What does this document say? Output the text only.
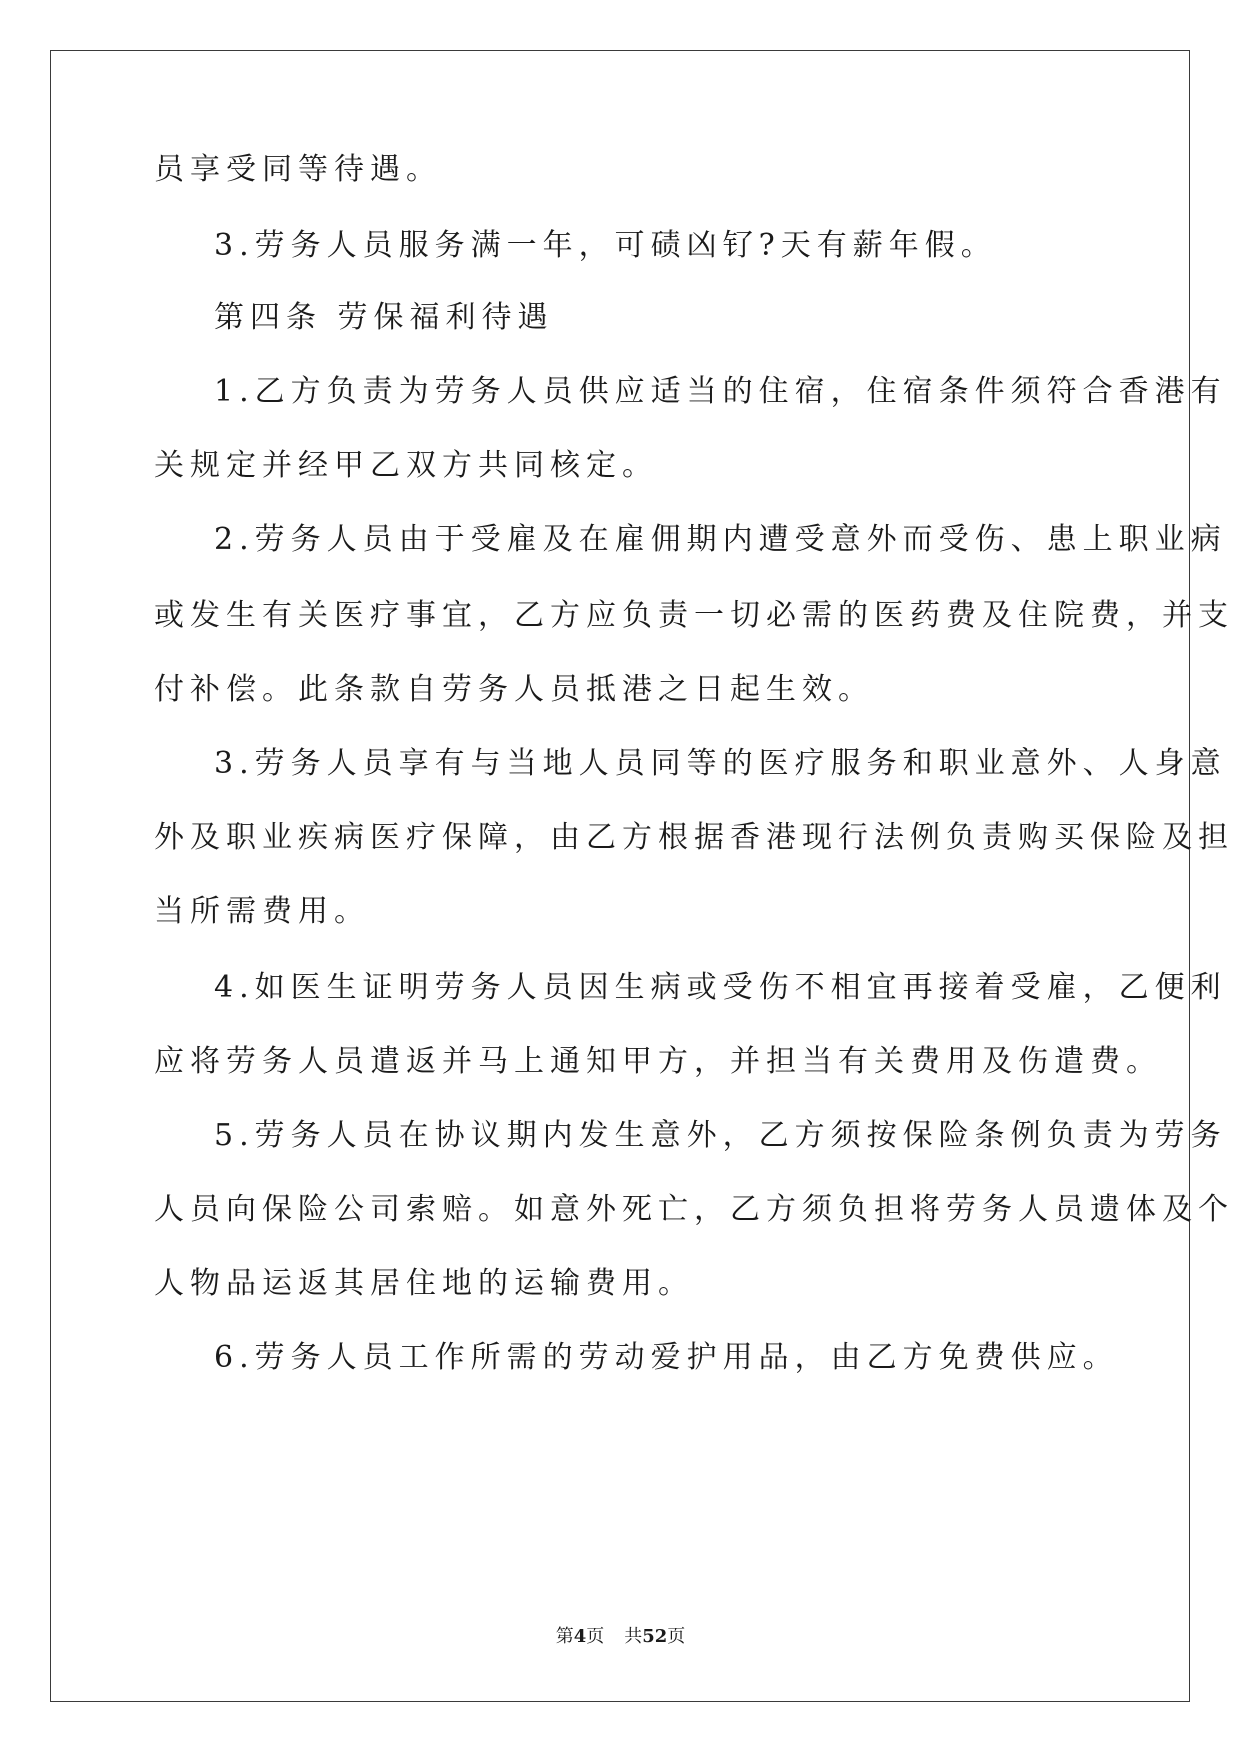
员享受同等待遇。
3.劳务人员服务满一年，可碛凶钌?天有薪年假。
第四条 劳保福利待遇
1.乙方负责为劳务人员供应适当的住宿，住宿条件须符合香港有
关规定并经甲乙双方共同核定。
2.劳务人员由于受雇及在雇佣期内遭受意外而受伤、患上职业病
或发生有关医疗事宜，乙方应负责一切必需的医药费及住院费，并支
付补偿。此条款自劳务人员抵港之日起生效。
3.劳务人员享有与当地人员同等的医疗服务和职业意外、人身意
外及职业疾病医疗保障，由乙方根据香港现行法例负责购买保险及担
当所需费用。
4.如医生证明劳务人员因生病或受伤不相宜再接着受雇，乙便利
应将劳务人员遣返并马上通知甲方，并担当有关费用及伤遣费。
5.劳务人员在协议期内发生意外，乙方须按保险条例负责为劳务
人员向保险公司索赔。如意外死亡，乙方须负担将劳务人员遗体及个
人物品运返其居住地的运输费用。
6.劳务人员工作所需的劳动爱护用品，由乙方免费供应。
第4页 共52页
